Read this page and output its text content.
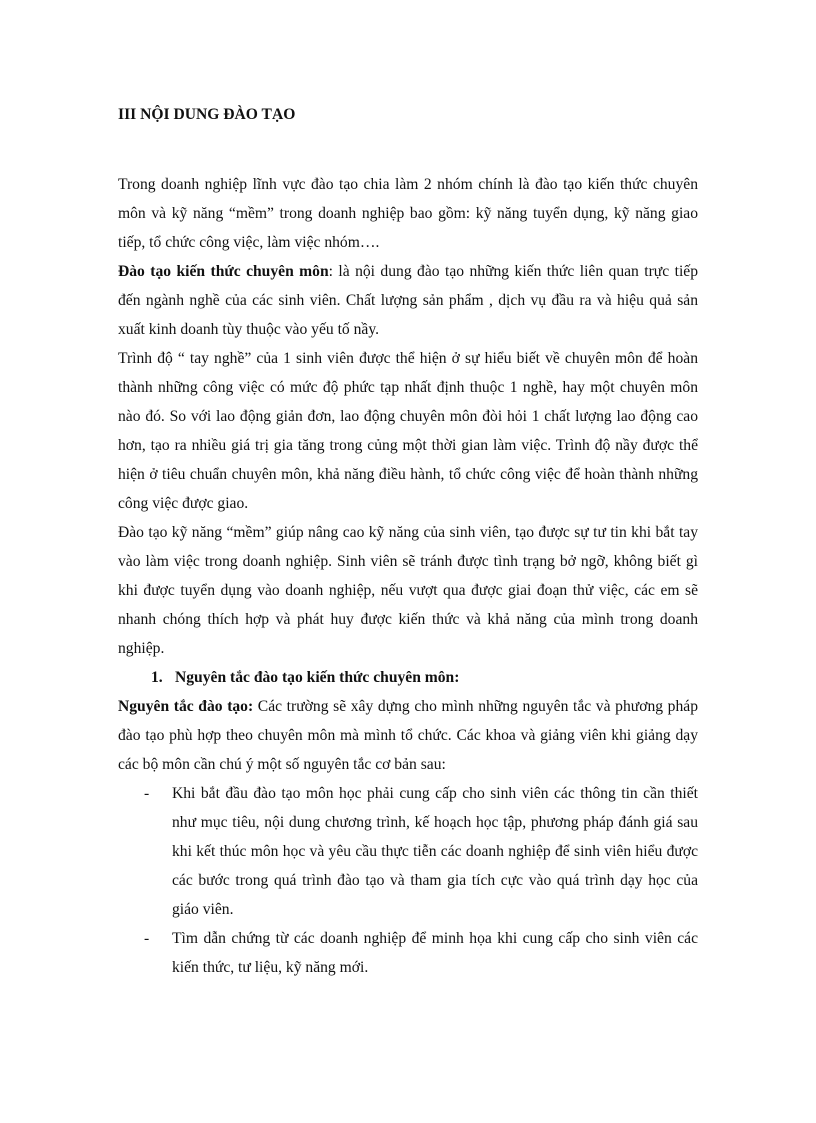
III NỘI DUNG ĐÀO TẠO

Trong doanh nghiệp lĩnh vực đào tạo chia làm 2 nhóm chính là đào tạo kiến thức chuyên môn và kỹ năng “mềm” trong doanh nghiệp bao gồm: kỹ năng tuyển dụng, kỹ năng giao tiếp, tổ chức công việc, làm việc nhóm….

Đào tạo kiến thức chuyên môn: là nội dung đào tạo những kiến thức liên quan trực tiếp đến ngành nghề của các sinh viên. Chất lượng sản phẩm , dịch vụ đầu ra và hiệu quả sản xuất kinh doanh tùy thuộc vào yếu tố nầy.

Trình độ “ tay nghề” của 1 sinh viên được thể hiện ở sự hiểu biết về chuyên môn để hoàn thành những công việc có mức độ phức tạp nhất định thuộc 1 nghề, hay một chuyên môn nào đó. So với lao động giản đơn, lao động chuyên môn đòi hỏi 1 chất lượng lao động cao hơn, tạo ra nhiều giá trị gia tăng trong củng một thời gian làm việc. Trình độ nầy được thể hiện ở tiêu chuẩn chuyên môn, khả năng điều hành, tổ chức công việc để hoàn thành những công việc được giao.

Đào tạo kỹ năng “mềm” giúp nâng cao kỹ năng của sinh viên, tạo được sự tư tin khi bắt tay vào làm việc trong doanh nghiệp. Sinh viên sẽ tránh được tình trạng bở ngỡ, không biết gì khi được tuyển dụng vào doanh nghiệp, nếu vượt qua được giai đoạn thử việc, các em sẽ nhanh chóng thích hợp và phát huy được kiến thức và khả năng của mình trong doanh nghiệp.

1. Nguyên tắc đào tạo kiến thức chuyên môn:

Nguyên tắc đào tạo: Các trường sẽ xây dựng cho mình những nguyên tắc và phương pháp đào tạo phù hợp theo chuyên môn mà mình tổ chức. Các khoa và giảng viên khi giảng dạy các bộ môn cần chú ý một số nguyên tắc cơ bản sau:

-	Khi bắt đầu đào tạo môn học phải cung cấp cho sinh viên các thông tin cần thiết như mục tiêu, nội dung chương trình, kế hoạch học tập, phương pháp đánh giá sau khi kết thúc môn học và yêu cầu thực tiễn các doanh nghiệp để sinh viên hiểu được các bước trong quá trình đào tạo và tham gia tích cực vào quá trình dạy học của giáo viên.
-	Tìm dẫn chứng từ các doanh nghiệp để minh họa khi cung cấp cho sinh viên các kiến thức, tư liệu, kỹ năng mới.
